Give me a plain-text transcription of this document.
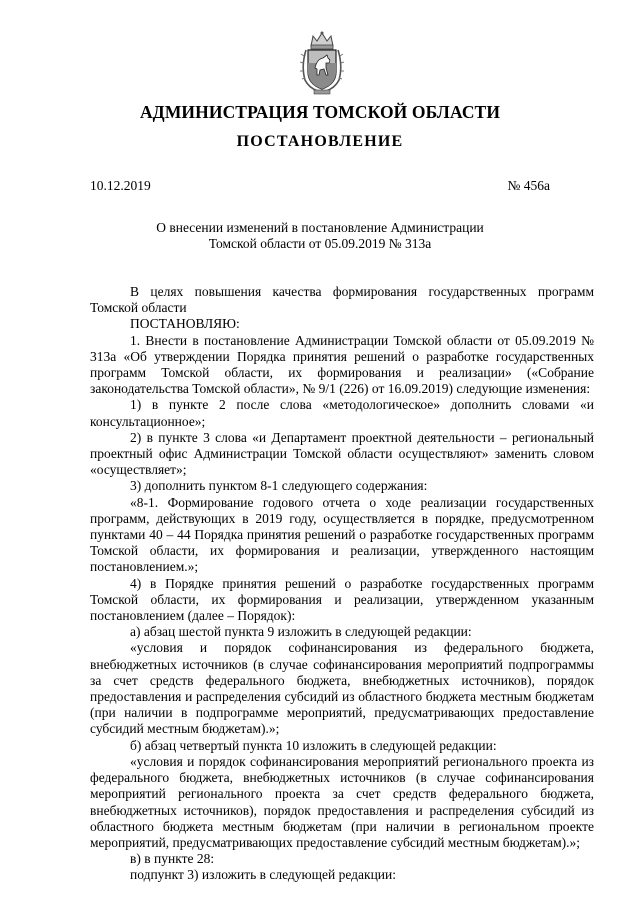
АДМИНИСТРАЦИЯ ТОМСКОЙ ОБЛАСТИ
ПОСТАНОВЛЕНИЕ
10.12.2019	№ 456а
О внесении изменений в постановление Администрации
Томской области от 05.09.2019 № 313а

В целях повышения качества формирования государственных программ Томской области

ПОСТАНОВЛЯЮ:

1. Внести в постановление Администрации Томской области от 05.09.2019 № 313а «Об утверждении Порядка принятия решений о разработке государственных программ Томской области, их формирования и реализации» («Собрание законодательства Томской области», № 9/1 (226) от 16.09.2019) следующие изменения:

1) в пункте 2 после слова «методологическое» дополнить словами «и консультационное»;

2) в пункте 3 слова «и Департамент проектной деятельности – региональный проектный офис Администрации Томской области осуществляют» заменить словом «осуществляет»;

3) дополнить пунктом 8-1 следующего содержания:

«8-1. Формирование годового отчета о ходе реализации государственных программ, действующих в 2019 году, осуществляется в порядке, предусмотренном пунктами 40 – 44 Порядка принятия решений о разработке государственных программ Томской области, их формирования и реализации, утвержденного настоящим постановлением.»;

4) в Порядке принятия решений о разработке государственных программ Томской области, их формирования и реализации, утвержденном указанным постановлением (далее – Порядок):

а) абзац шестой пункта 9 изложить в следующей редакции:

«условия и порядок софинансирования из федерального бюджета, внебюджетных источников (в случае софинансирования мероприятий подпрограммы за счет средств федерального бюджета, внебюджетных источников), порядок предоставления и распределения субсидий из областного бюджета местным бюджетам (при наличии в подпрограмме мероприятий, предусматривающих предоставление субсидий местным бюджетам).»;

б) абзац четвертый пункта 10 изложить в следующей редакции:

«условия и порядок софинансирования мероприятий регионального проекта из федерального бюджета, внебюджетных источников (в случае софинансирования мероприятий регионального проекта за счет средств федерального бюджета, внебюджетных источников), порядок предоставления и распределения субсидий из областного бюджета местным бюджетам (при наличии в региональном проекте мероприятий, предусматривающих предоставление субсидий местным бюджетам).»;

в) в пункте 28:

подпункт 3) изложить в следующей редакции:
